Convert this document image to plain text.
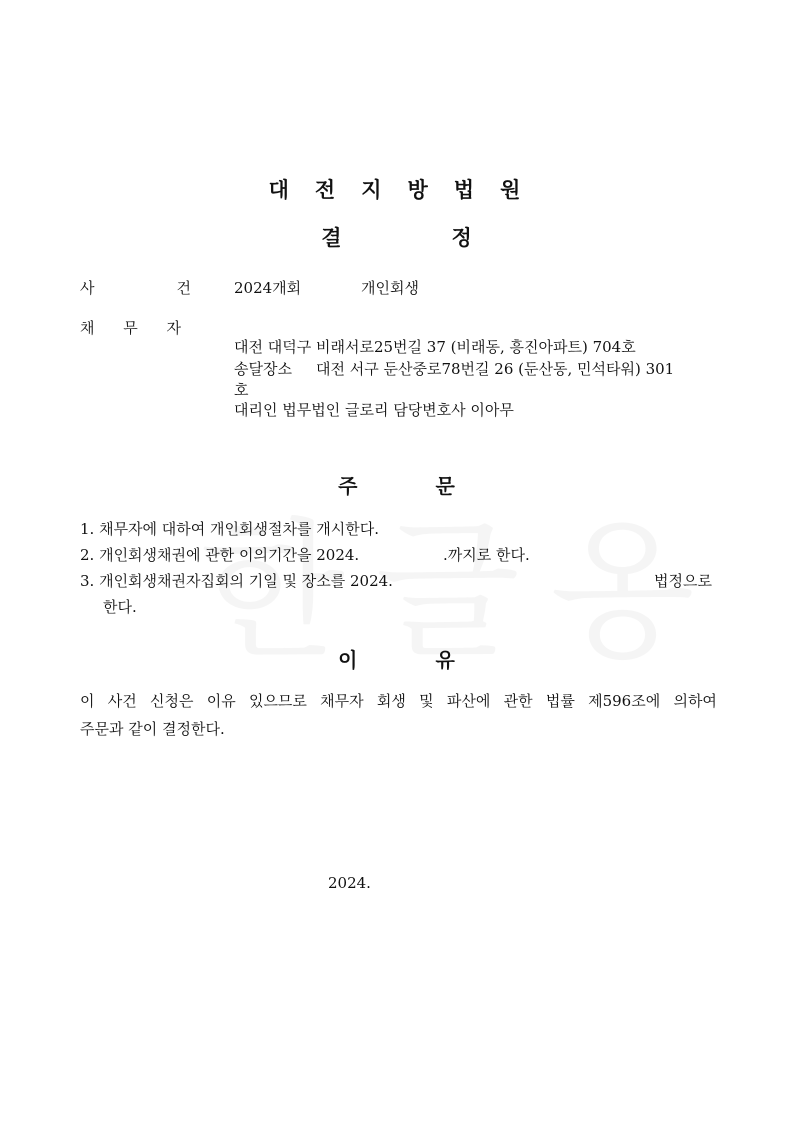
대전지방법원
결	정
사	건	2024개회	개인회생
채 무 자
대전 대덕구 비래서로25번길 37 (비래동, 흥진아파트) 704호
송달장소 대전 서구 둔산중로78번길 26 (둔산동, 민석타워) 301
호
대리인 법무법인 글로리 담당변호사 이아무
주	문
1. 채무자에 대하여 개인회생절차를 개시한다.
2. 개인회생채권에 관한 이의기간을 2024.	.까지로 한다.
3. 개인회생채권자집회의 기일 및 장소를 2024.	법정으로
한다.
이	유
이 사건 신청은 이유 있으므로 채무자 회생 및 파산에 관한 법률 제596조에 의하여
주문과 같이 결정한다.
2024.
